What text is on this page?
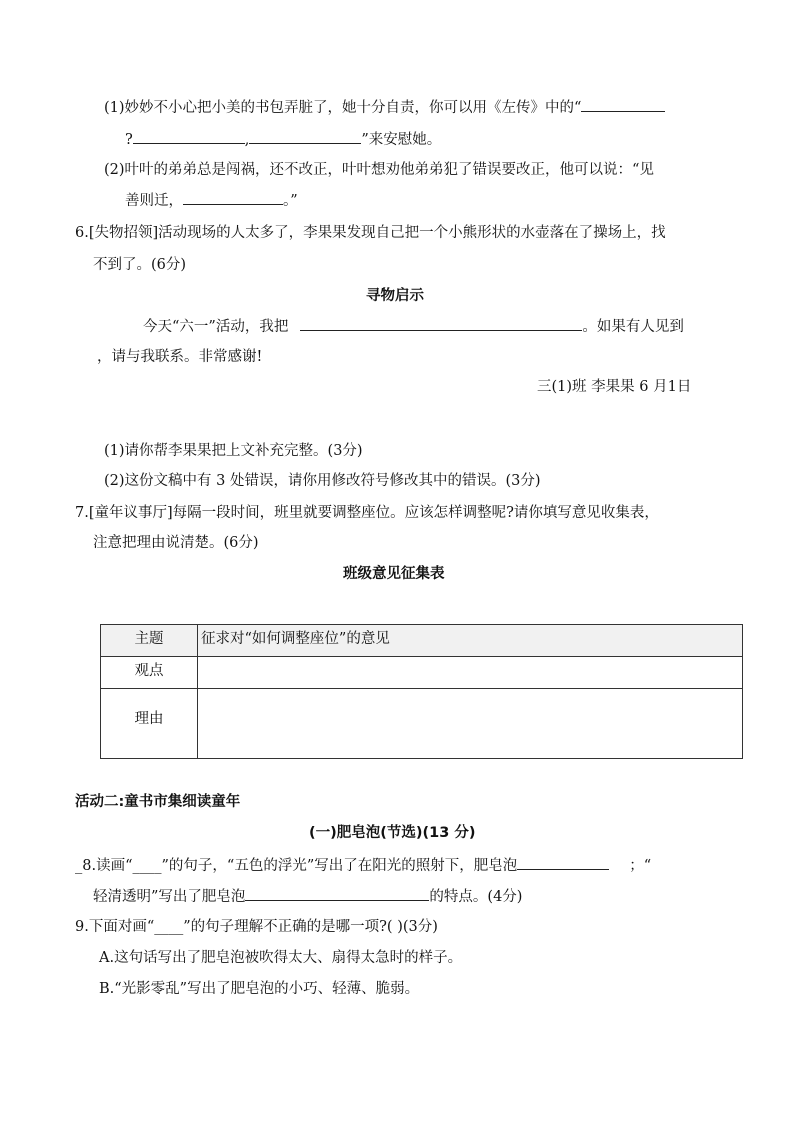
(1)妙妙不小心把小美的书包弄脏了，她十分自责，你可以用《左传》中的“
?	,	”来安慰她。
(2)叶叶的弟弟总是闯祸，还不改正，叶叶想劝他弟弟犯了错误要改正，他可以说：“见
善则迁，	。”
6.[失物招领]活动现场的人太多了，李果果发现自己把一个小熊形状的水壶落在了操场上，找
不到了。(6分)
寻物启示
今天“六一”活动，我把	。如果有人见到
，请与我联系。非常感谢!
三(1)班 李果果 6 月1日
(1)请你帮李果果把上文补充完整。(3分)
(2)这份文稿中有 3 处错误，请你用修改符号修改其中的错误。(3分)
7.[童年议事厅]每隔一段时间，班里就要调整座位。应该怎样调整呢?请你填写意见收集表，
注意把理由说清楚。(6分)
班级意见征集表
主题	征求对“如何调整座位”的意见
观点	
理由	
活动二:童书市集细读童年
(一)肥皂泡(节选)(13 分)
_8.读画“____”的句子，“五色的浮光”写出了在阳光的照射下，肥皂泡	；“
轻清透明”写出了肥皂泡	的特点。(4分)
9.下面对画“____”的句子理解不正确的是哪一项?( )(3分)
A.这句话写出了肥皂泡被吹得太大、扇得太急时的样子。
B.“光影零乱”写出了肥皂泡的小巧、轻薄、脆弱。
